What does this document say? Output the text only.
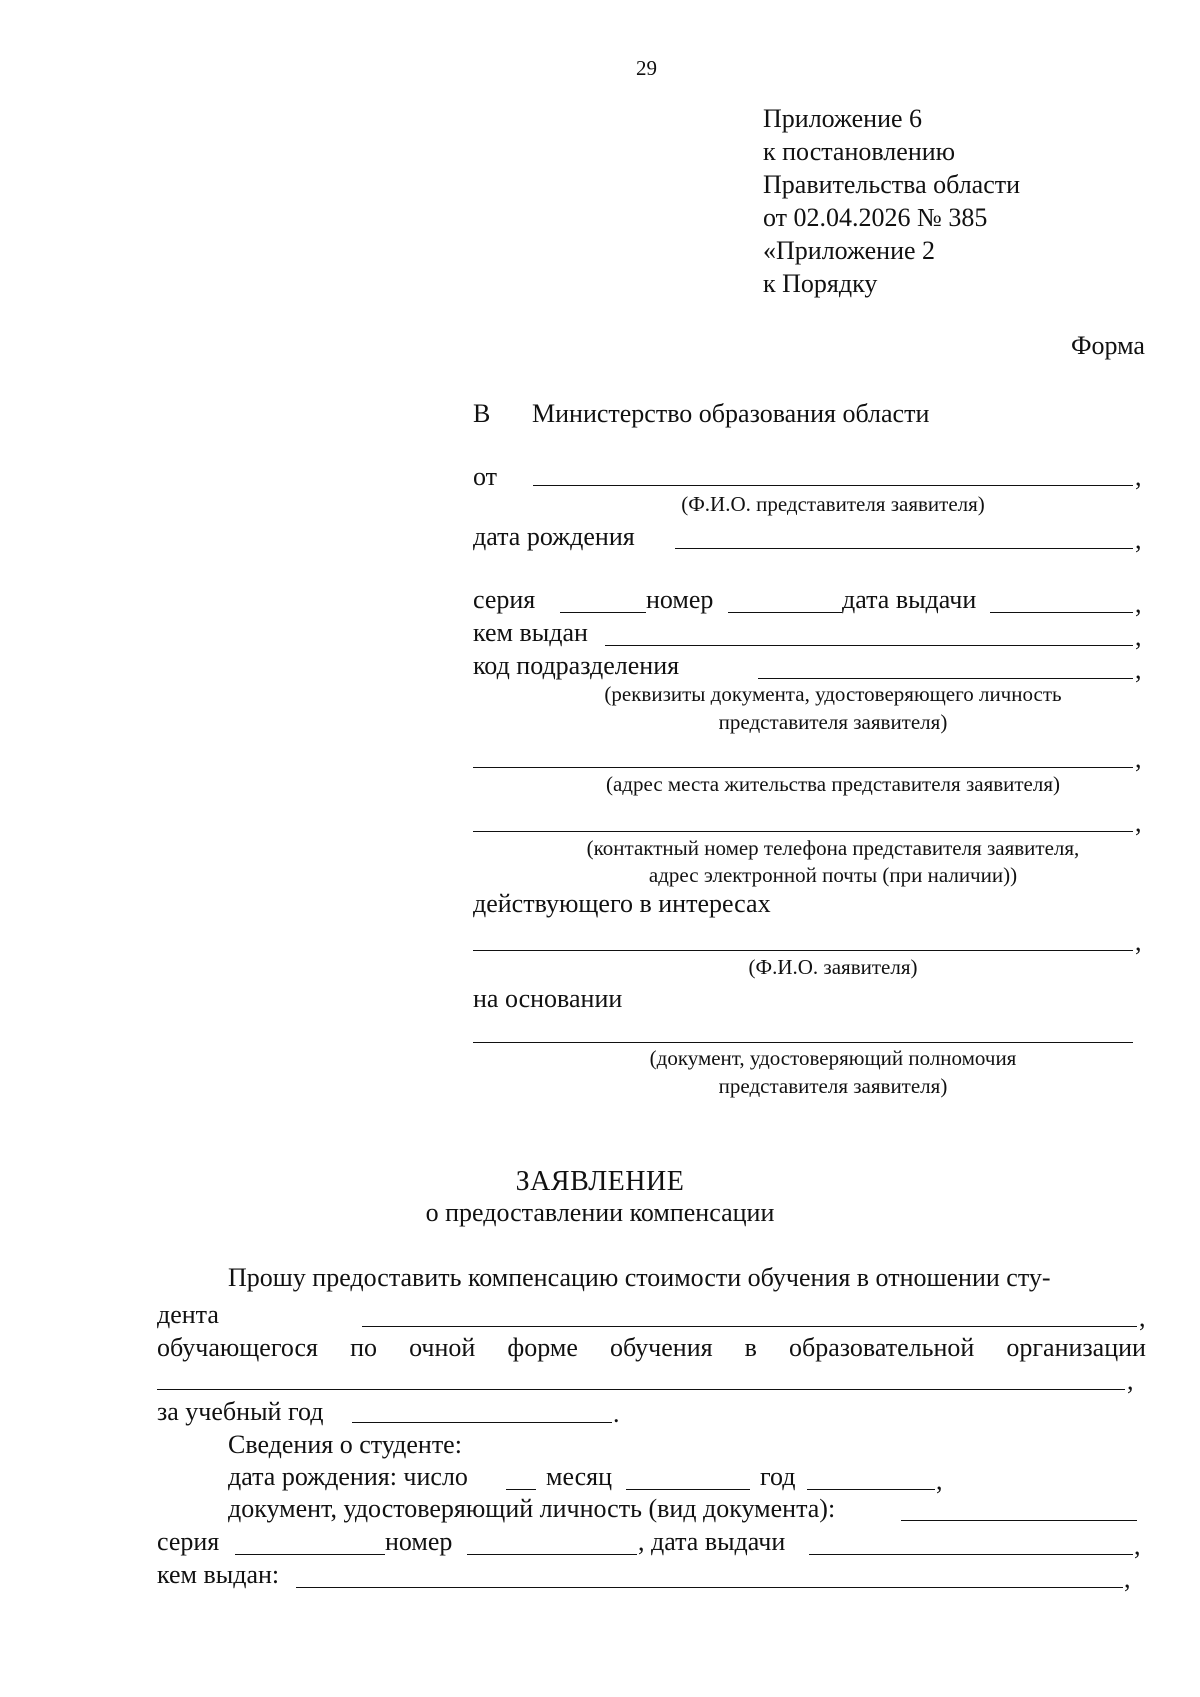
29
Приложение 6
к постановлению
Правительства области
от 02.04.2026 № 385
«Приложение 2
к Порядку
Форма
В Министерство образования области
от	,
(Ф.И.О. представителя заявителя)
дата рождения	,
серия	номер	дата выдачи	,
кем выдан	,
код подразделения	,
(реквизиты документа, удостоверяющего личность
представителя заявителя)
,
(адрес места жительства представителя заявителя)
,
(контактный номер телефона представителя заявителя,
адрес электронной почты (при наличии))
действующего в интересах
,
(Ф.И.О. заявителя)
на основании
(документ, удостоверяющий полномочия
представителя заявителя)
ЗАЯВЛЕНИЕ
о предоставлении компенсации
Прошу предоставить компенсацию стоимости обучения в отношении сту-
дента	,
обучающегося по очной форме обучения в образовательной организации
,
за учебный год	.
Сведения о студенте:
дата рождения: число	месяц	год	,
документ, удостоверяющий личность (вид документа):
серия	номер	, дата выдачи	,
кем выдан:	,
